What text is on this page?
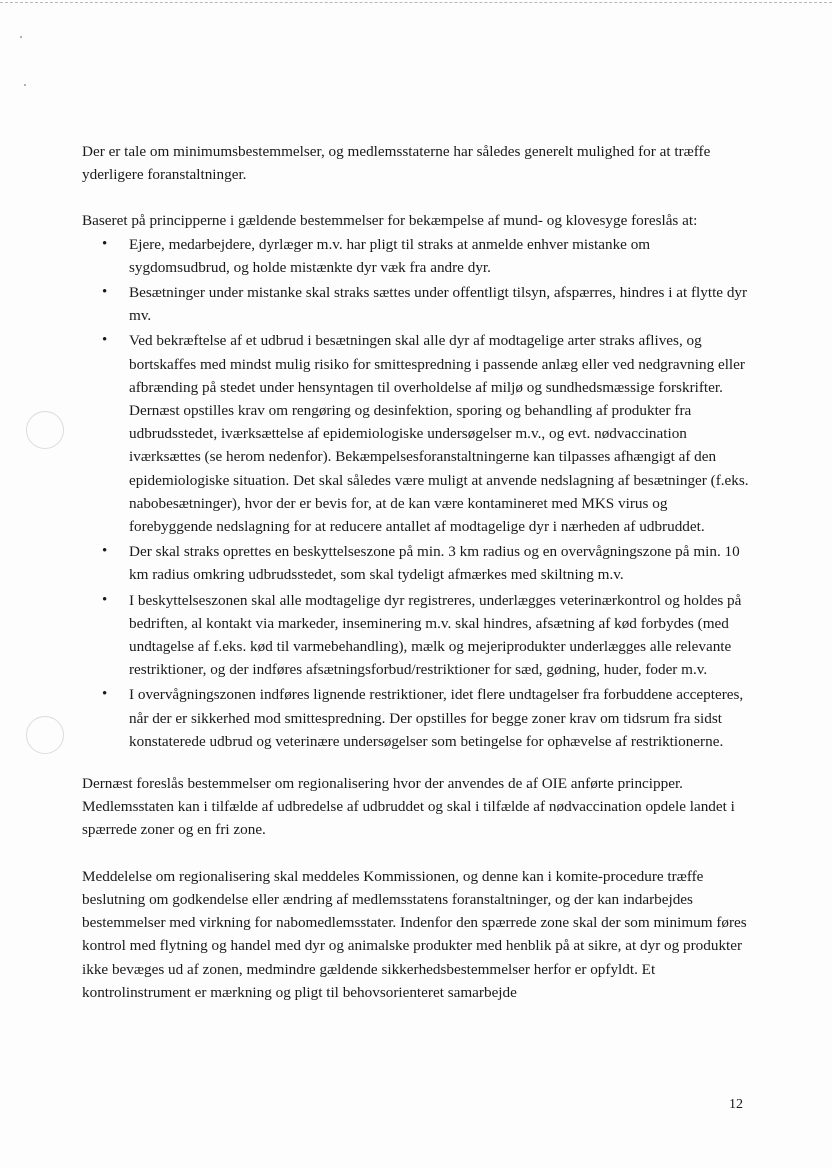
Der er tale om minimumsbestemmelser, og medlemsstaterne har således generelt mulighed for at træffe yderligere foranstaltninger.

Baseret på principperne i gældende bestemmelser for bekæmpelse af mund- og klovesyge foreslås at:

• Ejere, medarbejdere, dyrlæger m.v. har pligt til straks at anmelde enhver mistanke om sygdomsudbrud, og holde mistænkte dyr væk fra andre dyr.
• Besætninger under mistanke skal straks sættes under offentligt tilsyn, afspærres, hindres i at flytte dyr mv.
• Ved bekræftelse af et udbrud i besætningen skal alle dyr af modtagelige arter straks aflives, og bortskaffes med mindst mulig risiko for smittespredning i passende anlæg eller ved nedgravning eller afbrænding på stedet under hensyntagen til overholdelse af miljø og sundhedsmæssige forskrifter. Dernæst opstilles krav om rengøring og desinfektion, sporing og behandling af produkter fra udbrudsstedet, iværksættelse af epidemiologiske undersøgelser m.v., og evt. nødvaccination iværksættes (se herom nedenfor). Bekæmpelsesforanstaltningerne kan tilpasses afhængigt af den epidemiologiske situation. Det skal således være muligt at anvende nedslagning af besætninger (f.eks. nabobesætninger), hvor der er bevis for, at de kan være kontamineret med MKS virus og forebyggende nedslagning for at reducere antallet af modtagelige dyr i nærheden af udbruddet.
• Der skal straks oprettes en beskyttelseszone på min. 3 km radius og en overvågningszone på min. 10 km radius omkring udbrudsstedet, som skal tydeligt afmærkes med skiltning m.v.
• I beskyttelseszonen skal alle modtagelige dyr registreres, underlægges veterinærkontrol og holdes på bedriften, al kontakt via markeder, inseminering m.v. skal hindres, afsætning af kød forbydes (med undtagelse af f.eks. kød til varmebehandling), mælk og mejeriprodukter underlægges alle relevante restriktioner, og der indføres afsætningsforbud/restriktioner for sæd, gødning, huder, foder m.v.
• I overvågningszonen indføres lignende restriktioner, idet flere undtagelser fra forbuddene accepteres, når der er sikkerhed mod smittespredning. Der opstilles for begge zoner krav om tidsrum fra sidst konstaterede udbrud og veterinære undersøgelser som betingelse for ophævelse af restriktionerne.

Dernæst foreslås bestemmelser om regionalisering hvor der anvendes de af OIE anførte principper. Medlemsstaten kan i tilfælde af udbredelse af udbruddet og skal i tilfælde af nødvaccination opdele landet i spærrede zoner og en fri zone.

Meddelelse om regionalisering skal meddeles Kommissionen, og denne kan i komite-procedure træffe beslutning om godkendelse eller ændring af medlemsstatens foranstaltninger, og der kan indarbejdes bestemmelser med virkning for nabomedlemsstater. Indenfor den spærrede zone skal der som minimum føres kontrol med flytning og handel med dyr og animalske produkter med henblik på at sikre, at dyr og produkter ikke bevæges ud af zonen, medmindre gældende sikkerhedsbestemmelser herfor er opfyldt. Et kontrolinstrument er mærkning og pligt til behovsorienteret samarbejde

12
